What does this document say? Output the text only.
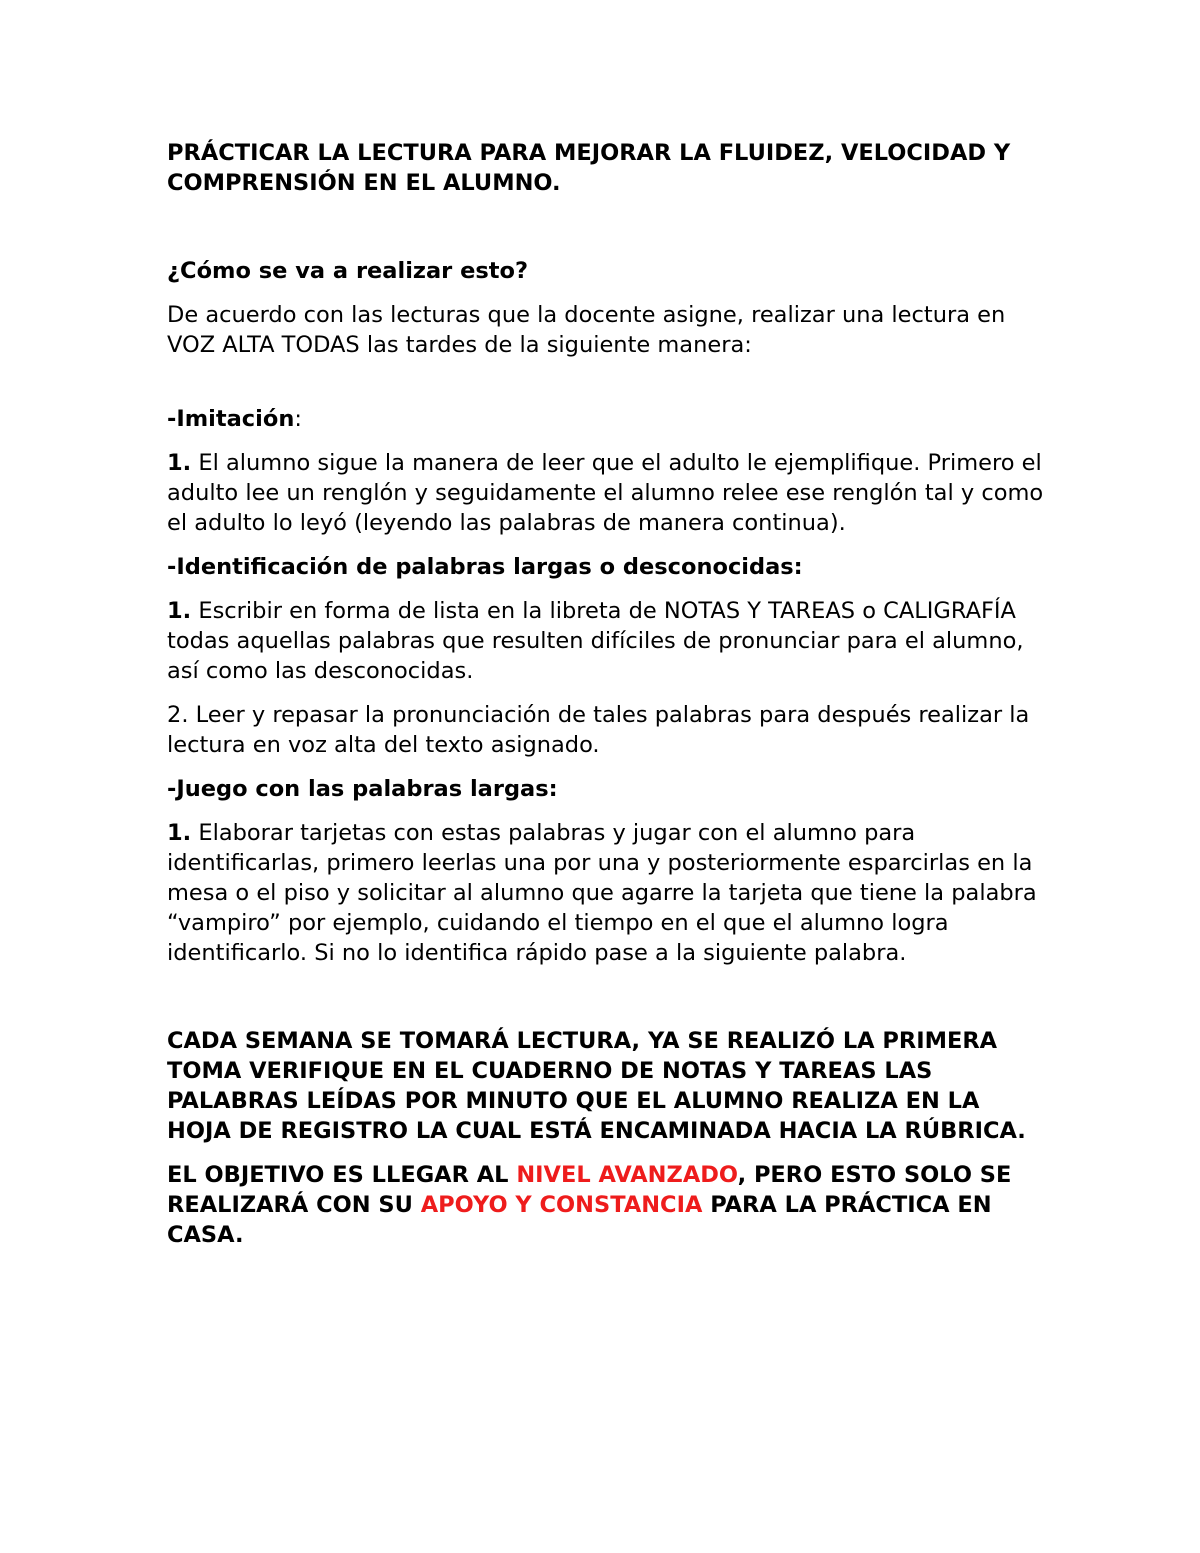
PRÁCTICAR LA LECTURA PARA MEJORAR LA FLUIDEZ, VELOCIDAD Y COMPRENSIÓN EN EL ALUMNO.

¿Cómo se va a realizar esto?

De acuerdo con las lecturas que la docente asigne, realizar una lectura en VOZ ALTA TODAS las tardes de la siguiente manera:

-Imitación:

1. El alumno sigue la manera de leer que el adulto le ejemplifique. Primero el adulto lee un renglón y seguidamente el alumno relee ese renglón tal y como el adulto lo leyó (leyendo las palabras de manera continua).

-Identificación de palabras largas o desconocidas:

1. Escribir en forma de lista en la libreta de NOTAS Y TAREAS o CALIGRAFÍA todas aquellas palabras que resulten difíciles de pronunciar para el alumno, así como las desconocidas.

2. Leer y repasar la pronunciación de tales palabras para después realizar la lectura en voz alta del texto asignado.

-Juego con las palabras largas:

1. Elaborar tarjetas con estas palabras y jugar con el alumno para identificarlas, primero leerlas una por una y posteriormente esparcirlas en la mesa o el piso y solicitar al alumno que agarre la tarjeta que tiene la palabra “vampiro” por ejemplo, cuidando el tiempo en el que el alumno logra identificarlo. Si no lo identifica rápido pase a la siguiente palabra.

CADA SEMANA SE TOMARÁ LECTURA, YA SE REALIZÓ LA PRIMERA TOMA VERIFIQUE EN EL CUADERNO DE NOTAS Y TAREAS LAS PALABRAS LEÍDAS POR MINUTO QUE EL ALUMNO REALIZA EN LA HOJA DE REGISTRO LA CUAL ESTÁ ENCAMINADA HACIA LA RÚBRICA.

EL OBJETIVO ES LLEGAR AL NIVEL AVANZADO, PERO ESTO SOLO SE REALIZARÁ CON SU APOYO Y CONSTANCIA PARA LA PRÁCTICA EN CASA.
